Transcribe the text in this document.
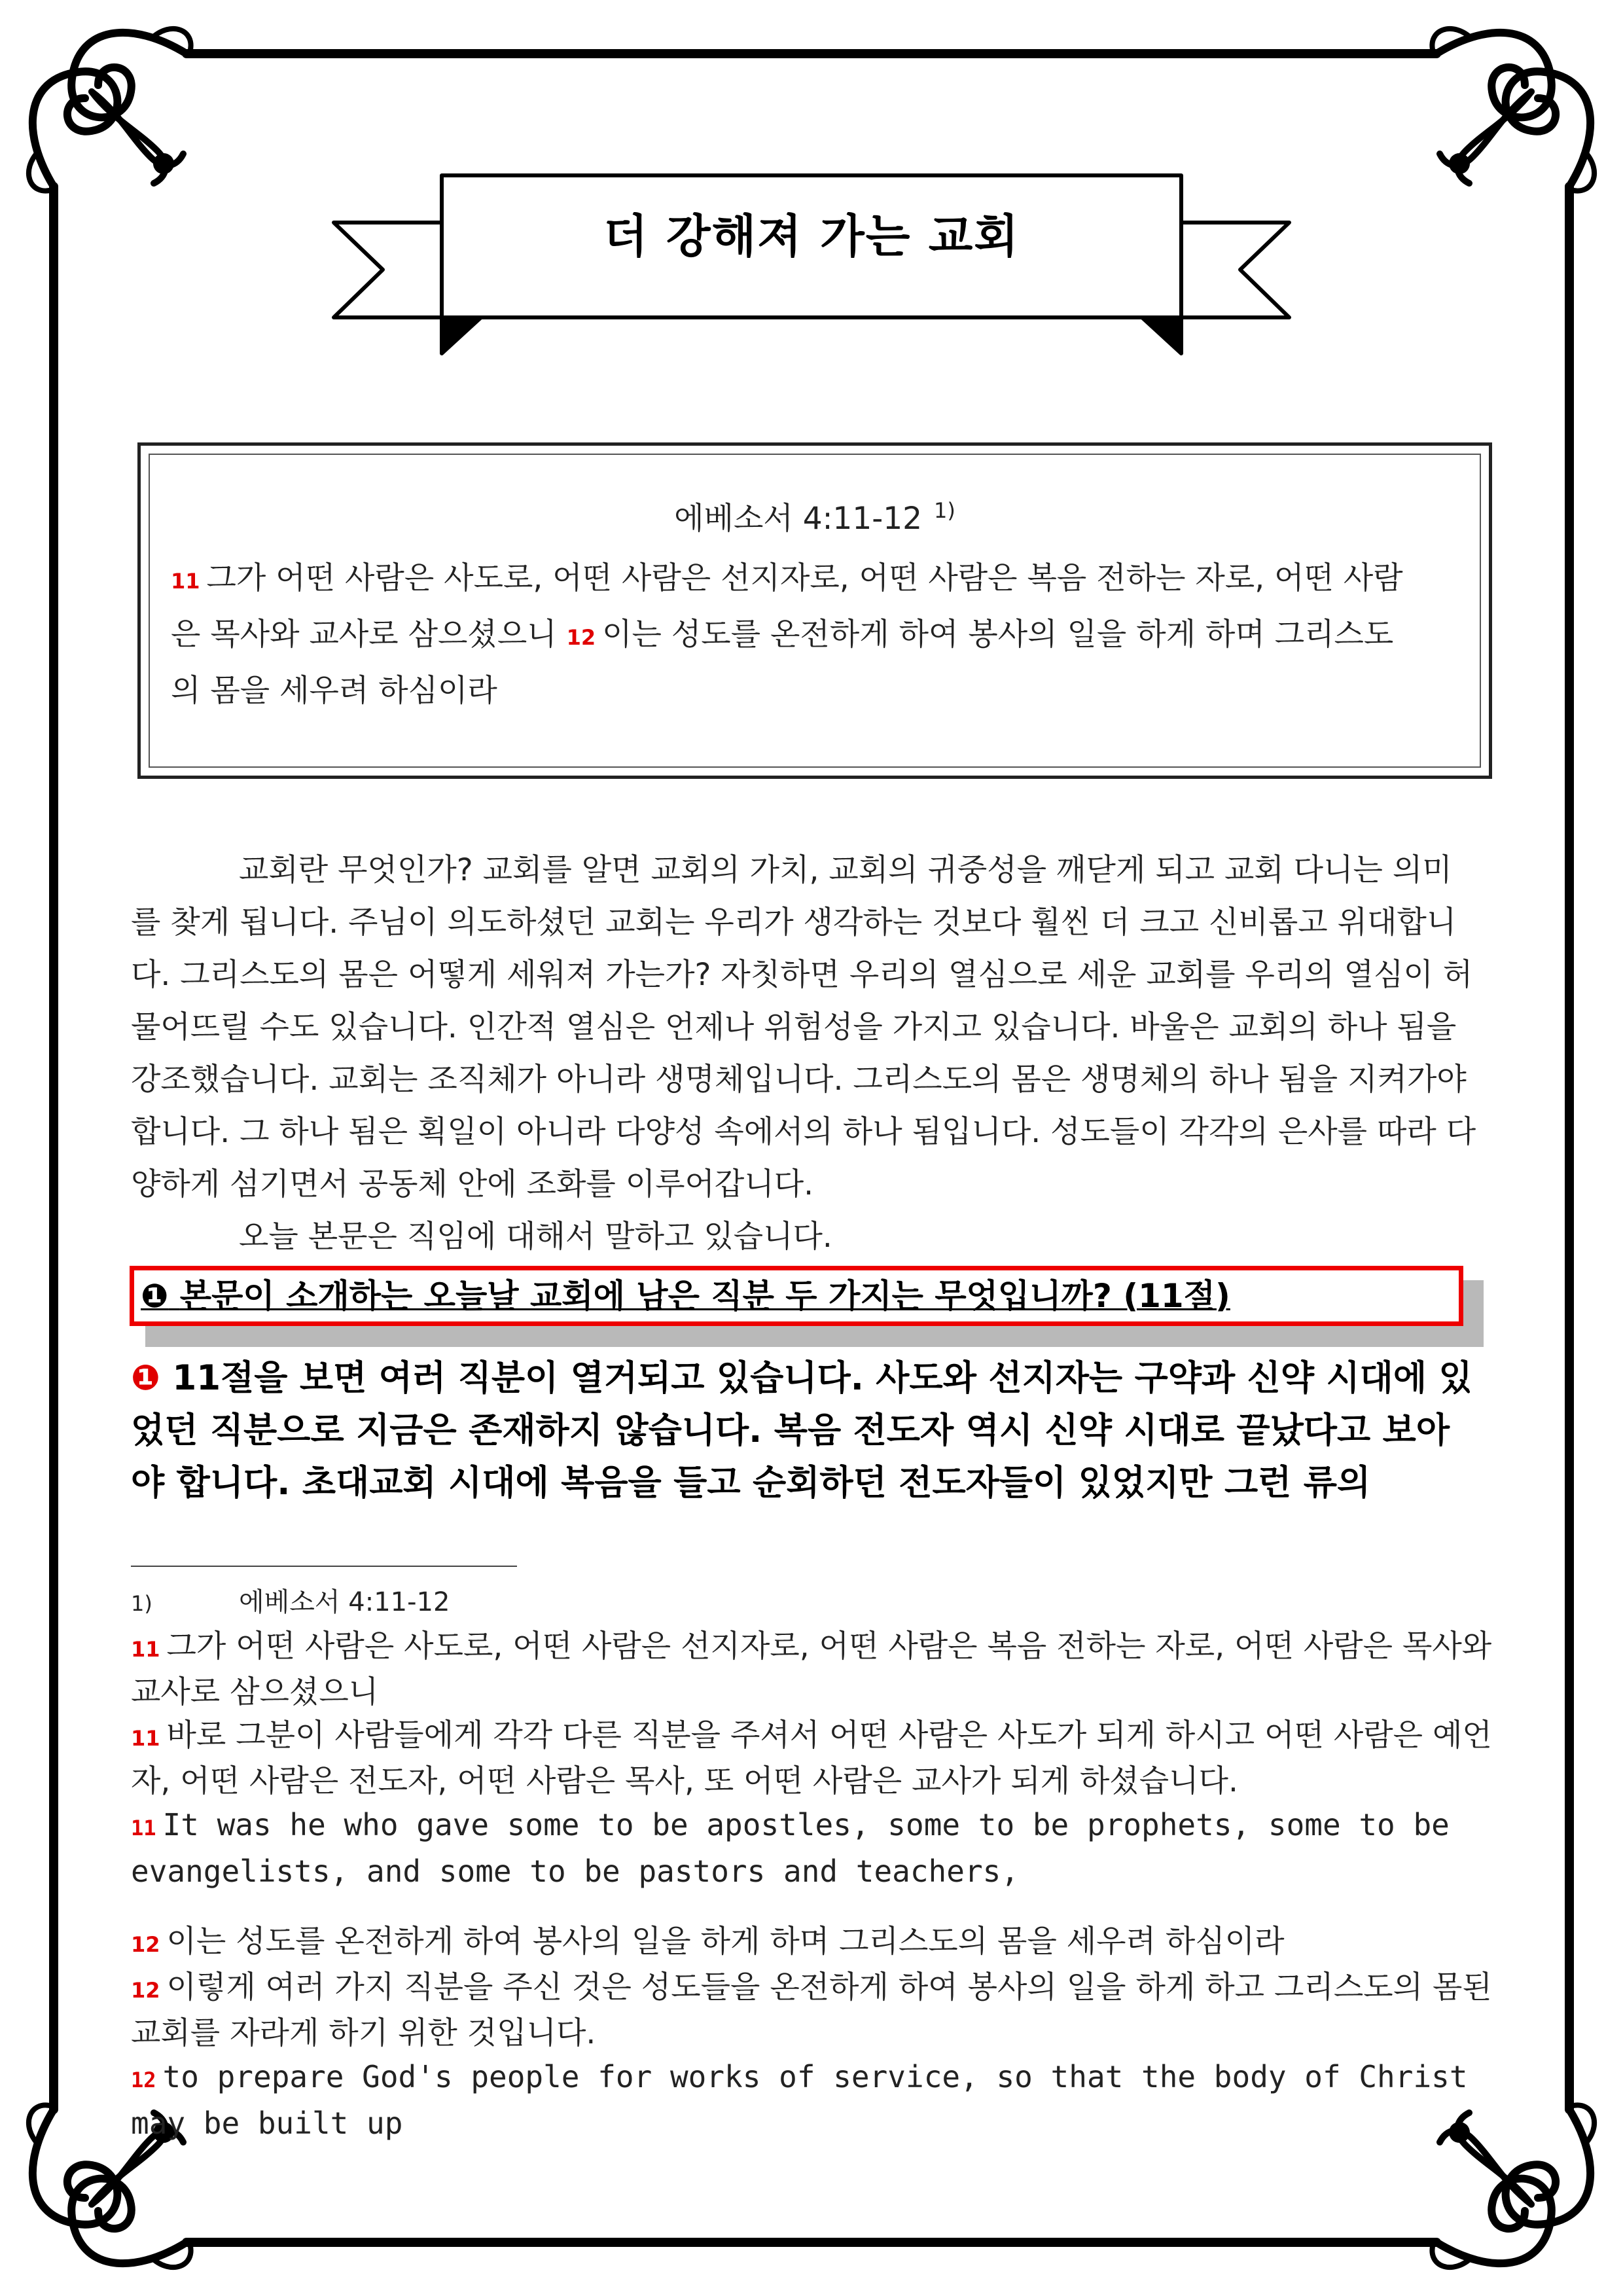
더 강해져 가는 교회
에베소서 4:11-12 $^{1)}$
11 그가 어떤 사람은 사도로, 어떤 사람은 선지자로, 어떤 사람은 복음 전하는 자로, 어떤 사람은 목사와 교사로 삼으셨으니 12 이는 성도를 온전하게 하여 봉사의 일을 하게 하며 그리스도의 몸을 세우려 하심이라

교회란 무엇인가? 교회를 알면 교회의 가치, 교회의 귀중성을 깨닫게 되고 교회 다니는 의미를 찾게 됩니다. 주님이 의도하셨던 교회는 우리가 생각하는 것보다 훨씬 더 크고 신비롭고 위대합니다. 그리스도의 몸은 어떻게 세워져 가는가? 자칫하면 우리의 열심으로 세운 교회를 우리의 열심이 허물어뜨릴 수도 있습니다. 인간적 열심은 언제나 위험성을 가지고 있습니다. 바울은 교회의 하나 됨을 강조했습니다. 교회는 조직체가 아니라 생명체입니다. 그리스도의 몸은 생명체의 하나 됨을 지켜가야 합니다. 그 하나 됨은 획일이 아니라 다양성 속에서의 하나 됨입니다. 성도들이 각각의 은사를 따라 다양하게 섬기면서 공동체 안에 조화를 이루어갑니다.

오늘 본문은 직임에 대해서 말하고 있습니다.

❶ 본문이 소개하는 오늘날 교회에 남은 직분 두 가지는 무엇입니까? (11절)
❶ 11절을 보면 여러 직분이 열거되고 있습니다. 사도와 선지자는 구약과 신약 시대에 있었던 직분으로 지금은 존재하지 않습니다. 복음 전도자 역시 신약 시대로 끝났다고 보아야 합니다. 초대교회 시대에 복음을 들고 순회하던 전도자들이 있었지만 그런 류의

1)	에베소서 4:11-12

11 그가 어떤 사람은 사도로, 어떤 사람은 선지자로, 어떤 사람은 복음 전하는 자로, 어떤 사람은 목사와 교사로 삼으셨으니

11 바로 그분이 사람들에게 각각 다른 직분을 주셔서 어떤 사람은 사도가 되게 하시고 어떤 사람은 예언자, 어떤 사람은 전도자, 어떤 사람은 목사, 또 어떤 사람은 교사가 되게 하셨습니다.

11 It was he who gave some to be apostles, some to be prophets, some to be evangelists, and some to be pastors and teachers,

12 이는 성도를 온전하게 하여 봉사의 일을 하게 하며 그리스도의 몸을 세우려 하심이라

12 이렇게 여러 가지 직분을 주신 것은 성도들을 온전하게 하여 봉사의 일을 하게 하고 그리스도의 몸된 교회를 자라게 하기 위한 것입니다.

12 to prepare God's people for works of service, so that the body of Christ may be built up
